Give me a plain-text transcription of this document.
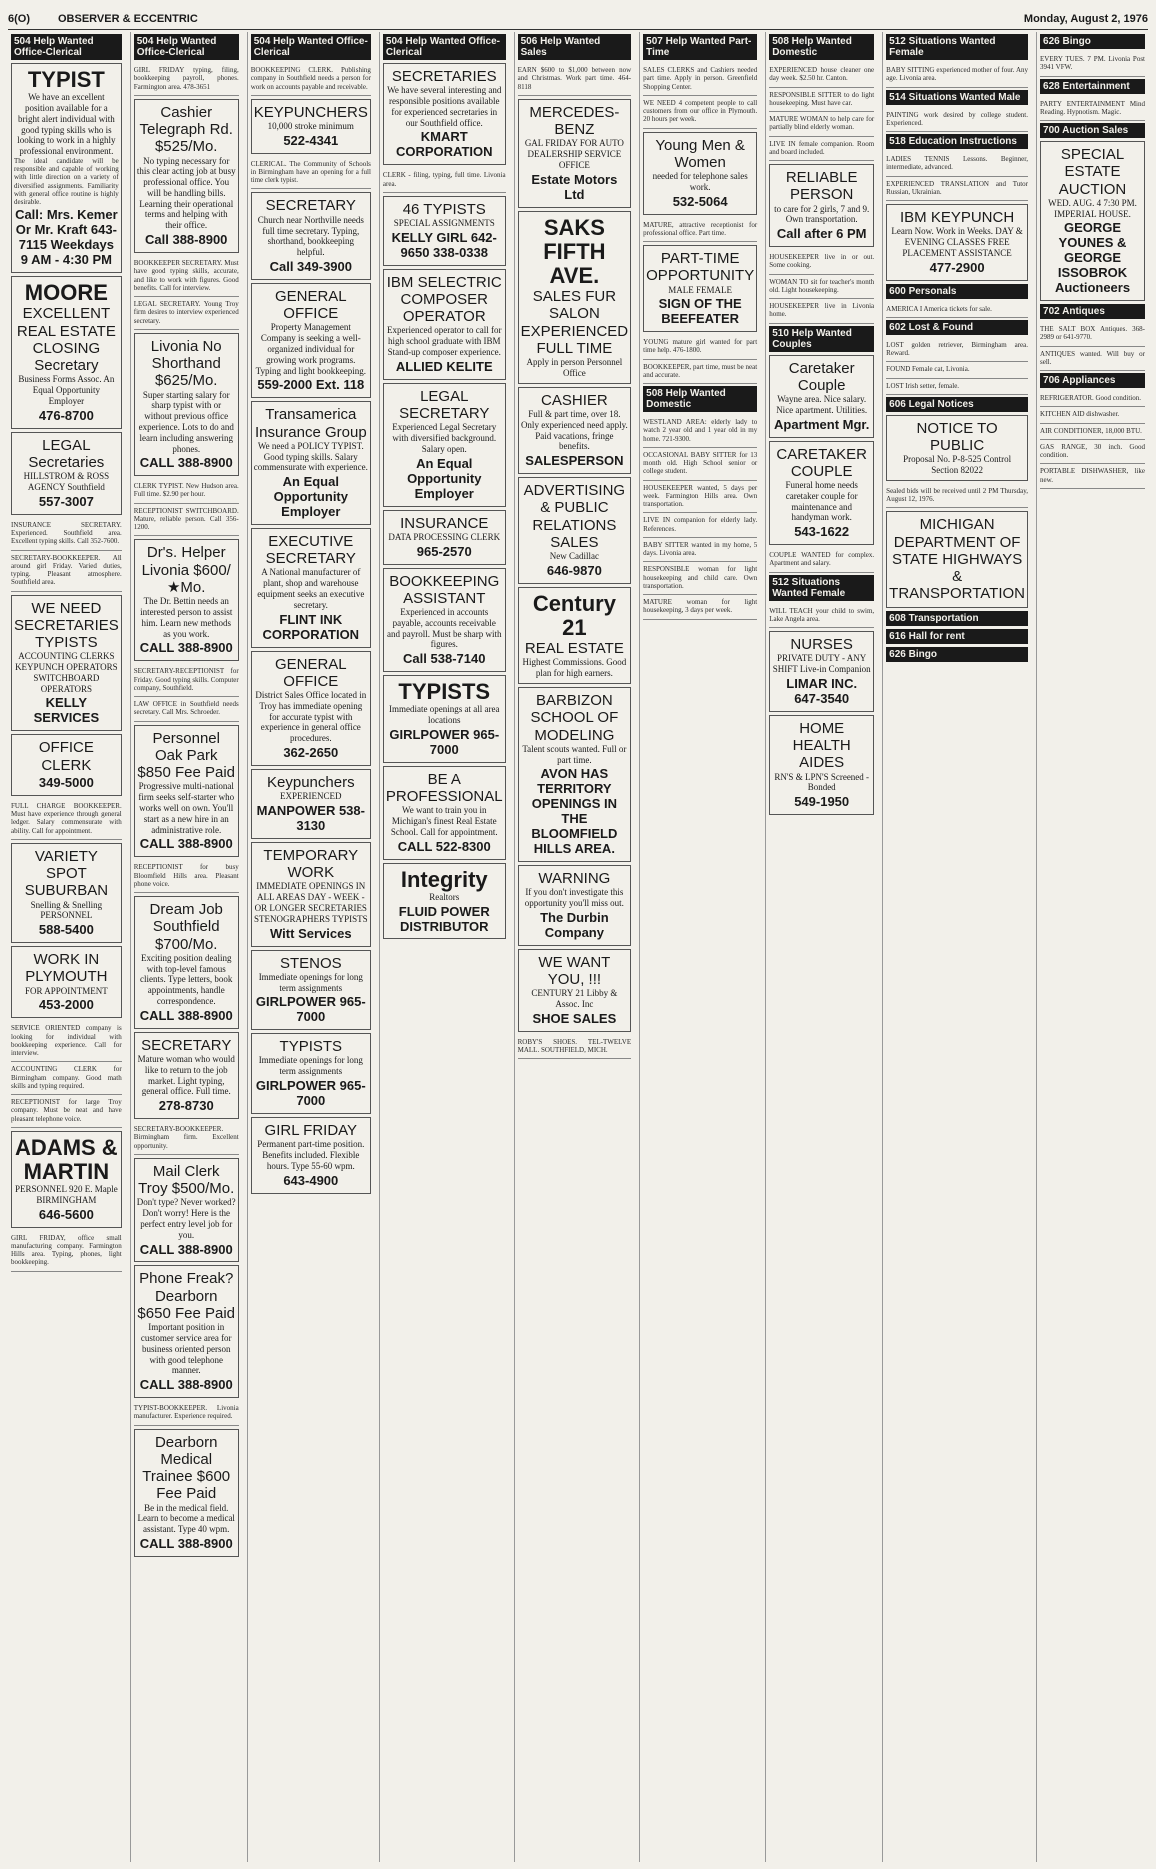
6(O)	OBSERVER & ECCENTRIC	Monday, August 2, 1976
504 Help Wanted Office-Clerical
TYPIST
We have an excellent position available for a bright alert individual with good typing skills who is looking to work in a highly professional environment.
The ideal candidate will be responsible and capable of working with little direction on a variety of diversified assignments. Familiarity with general office routine is highly desirable.
Call: Mrs. Kemer Or Mr. Kraft 643-7115 Weekdays 9 AM - 4:30 PM
MOORE
EXCELLENT REAL ESTATE CLOSING Secretary
Business Forms Assoc. An Equal Opportunity Employer
476-8700
LEGAL Secretaries
HILLSTROM & ROSS AGENCY Southfield
557-3007
INSURANCE SECRETARY. Experienced. Southfield area. Excellent typing skills. Call 352-7600.
SECRETARY-BOOKKEEPER. All around girl Friday. Varied duties, typing. Pleasant atmosphere. Southfield area.
WE NEED SECRETARIES TYPISTS
ACCOUNTING CLERKS KEYPUNCH OPERATORS SWITCHBOARD OPERATORS
KELLY SERVICES
OFFICE CLERK
349-5000
FULL CHARGE BOOKKEEPER. Must have experience through general ledger. Salary commensurate with ability. Call for appointment.
VARIETY SPOT SUBURBAN
Snelling & Snelling PERSONNEL
588-5400
WORK IN PLYMOUTH
FOR APPOINTMENT
453-2000
SERVICE ORIENTED company is looking for individual with bookkeeping experience. Call for interview.
ACCOUNTING CLERK for Birmingham company. Good math skills and typing required.
RECEPTIONIST for large Troy company. Must be neat and have pleasant telephone voice.
ADAMS & MARTIN
PERSONNEL 920 E. Maple BIRMINGHAM
646-5600
GIRL FRIDAY, office small manufacturing company. Farmington Hills area. Typing, phones, light bookkeeping.
504 Help Wanted Office-Clerical
GIRL FRIDAY typing, filing, bookkeeping payroll, phones. Farmington area. 478-3651
Cashier Telegraph Rd. $525/Mo.
No typing necessary for this clear acting job at busy professional office. You will be handling bills. Learning their operational terms and helping with their office.
Call 388-8900
BOOKKEEPER SECRETARY. Must have good typing skills, accurate, and like to work with figures. Good benefits. Call for interview.
LEGAL SECRETARY. Young Troy firm desires to interview experienced secretary.
Livonia No Shorthand $625/Mo.
Super starting salary for sharp typist with or without previous office experience. Lots to do and learn including answering phones.
CALL 388-8900
CLERK TYPIST. New Hudson area. Full time. $2.90 per hour.
RECEPTIONIST SWITCHBOARD. Mature, reliable person. Call 356-1200.
Dr's. Helper Livonia $600/★Mo.
The Dr. Bettin needs an interested person to assist him. Learn new methods as you work.
CALL 388-8900
SECRETARY-RECEPTIONIST for Friday. Good typing skills. Computer company, Southfield.
LAW OFFICE in Southfield needs secretary. Call Mrs. Schroeder.
Personnel Oak Park $850 Fee Paid
Progressive multi-national firm seeks self-starter who works well on own. You'll start as a new hire in an administrative role.
CALL 388-8900
RECEPTIONIST for busy Bloomfield Hills area. Pleasant phone voice.
Dream Job Southfield $700/Mo.
Exciting position dealing with top-level famous clients. Type letters, book appointments, handle correspondence.
CALL 388-8900
SECRETARY
Mature woman who would like to return to the job market. Light typing, general office. Full time.
278-8730
SECRETARY-BOOKKEEPER. Birmingham firm. Excellent opportunity.
Mail Clerk Troy $500/Mo.
Don't type? Never worked? Don't worry! Here is the perfect entry level job for you.
CALL 388-8900
Phone Freak? Dearborn $650 Fee Paid
Important position in customer service area for business oriented person with good telephone manner.
CALL 388-8900
TYPIST-BOOKKEEPER. Livonia manufacturer. Experience required.
Dearborn Medical Trainee $600 Fee Paid
Be in the medical field. Learn to become a medical assistant. Type 40 wpm.
CALL 388-8900
504 Help Wanted Office-Clerical
BOOKKEEPING CLERK. Publishing company in Southfield needs a person for work on accounts payable and receivable.
KEYPUNCHERS
10,000 stroke minimum
522-4341
CLERICAL. The Community of Schools in Birmingham have an opening for a full time clerk typist.
SECRETARY
Church near Northville needs full time secretary. Typing, shorthand, bookkeeping helpful.
Call 349-3900
GENERAL OFFICE
Property Management Company is seeking a well-organized individual for growing work programs. Typing and light bookkeeping.
559-2000 Ext. 118
Transamerica Insurance Group
We need a POLICY TYPIST. Good typing skills. Salary commensurate with experience.
An Equal Opportunity Employer
EXECUTIVE SECRETARY
A National manufacturer of plant, shop and warehouse equipment seeks an executive secretary.
FLINT INK CORPORATION
GENERAL OFFICE
District Sales Office located in Troy has immediate opening for accurate typist with experience in general office procedures.
362-2650
Keypunchers
EXPERIENCED
MANPOWER 538-3130
TEMPORARY WORK
IMMEDIATE OPENINGS IN ALL AREAS DAY - WEEK - OR LONGER SECRETARIES STENOGRAPHERS TYPISTS
Witt Services
STENOS
Immediate openings for long term assignments
GIRLPOWER 965-7000
TYPISTS
Immediate openings for long term assignments
GIRLPOWER 965-7000
GIRL FRIDAY
Permanent part-time position. Benefits included. Flexible hours. Type 55-60 wpm.
643-4900
504 Help Wanted Office-Clerical
SECRETARIES
We have several interesting and responsible positions available for experienced secretaries in our Southfield office.
KMART CORPORATION
CLERK - filing, typing, full time. Livonia area.
46 TYPISTS
SPECIAL ASSIGNMENTS
KELLY GIRL 642-9650 338-0338
IBM SELECTRIC COMPOSER OPERATOR
Experienced operator to call for high school graduate with IBM Stand-up composer experience.
ALLIED KELITE
LEGAL SECRETARY
Experienced Legal Secretary with diversified background. Salary open.
An Equal Opportunity Employer
INSURANCE
DATA PROCESSING CLERK
965-2570
BOOKKEEPING ASSISTANT
Experienced in accounts payable, accounts receivable and payroll. Must be sharp with figures.
Call 538-7140
TYPISTS
Immediate openings at all area locations
GIRLPOWER 965-7000
BE A PROFESSIONAL
We want to train you in Michigan's finest Real Estate School. Call for appointment.
CALL 522-8300
Integrity
Realtors
FLUID POWER DISTRIBUTOR
506 Help Wanted Sales
EARN $600 to $1,000 between now and Christmas. Work part time. 464-8118
MERCEDES-BENZ
GAL FRIDAY FOR AUTO DEALERSHIP SERVICE OFFICE
Estate Motors Ltd
SAKS FIFTH AVE.
SALES FUR SALON EXPERIENCED FULL TIME
Apply in person Personnel Office
CASHIER
Full & part time, over 18. Only experienced need apply. Paid vacations, fringe benefits.
SALESPERSON
ADVERTISING & PUBLIC RELATIONS SALES
New Cadillac
646-9870
Century 21
REAL ESTATE
Highest Commissions. Good plan for high earners.
BARBIZON SCHOOL OF MODELING
Talent scouts wanted. Full or part time.
AVON HAS TERRITORY OPENINGS IN THE BLOOMFIELD HILLS AREA.
WARNING
If you don't investigate this opportunity you'll miss out.
The Durbin Company
WE WANT YOU, !!!
CENTURY 21 Libby & Assoc. Inc
SHOE SALES
ROBY'S SHOES. TEL-TWELVE MALL. SOUTHFIELD, MICH.
507 Help Wanted Part-Time
SALES CLERKS and Cashiers needed part time. Apply in person. Greenfield Shopping Center.
WE NEED 4 competent people to call customers from our office in Plymouth. 20 hours per week.
Young Men & Women
needed for telephone sales work.
532-5064
MATURE, attractive receptionist for professional office. Part time.
PART-TIME OPPORTUNITY
MALE FEMALE
SIGN OF THE BEEFEATER
YOUNG mature girl wanted for part time help. 476-1800.
BOOKKEEPER, part time, must be neat and accurate.
508 Help Wanted Domestic
WESTLAND AREA: elderly lady to watch 2 year old and 1 year old in my home. 721-9300.
OCCASIONAL BABY SITTER for 13 month old. High School senior or college student.
HOUSEKEEPER wanted, 5 days per week. Farmington Hills area. Own transportation.
LIVE IN companion for elderly lady. References.
BABY SITTER wanted in my home, 5 days. Livonia area.
RESPONSIBLE woman for light housekeeping and child care. Own transportation.
MATURE woman for light housekeeping, 3 days per week.
508 Help Wanted Domestic
EXPERIENCED house cleaner one day week. $2.50 hr. Canton.
RESPONSIBLE SITTER to do light housekeeping. Must have car.
MATURE WOMAN to help care for partially blind elderly woman.
LIVE IN female companion. Room and board included.
RELIABLE PERSON
to care for 2 girls, 7 and 9. Own transportation.
Call after 6 PM
HOUSEKEEPER live in or out. Some cooking.
WOMAN TO sit for teacher's month old. Light housekeeping.
HOUSEKEEPER live in Livonia home.
510 Help Wanted Couples
Caretaker Couple
Wayne area. Nice salary. Nice apartment. Utilities.
Apartment Mgr.
CARETAKER COUPLE
Funeral home needs caretaker couple for maintenance and handyman work.
543-1622
COUPLE WANTED for complex. Apartment and salary.
512 Situations Wanted Female
WILL TEACH your child to swim, Lake Angela area.
NURSES
PRIVATE DUTY - ANY SHIFT Live-in Companion
LIMAR INC. 647-3540
HOME HEALTH AIDES
RN'S & LPN'S Screened - Bonded
549-1950
512 Situations Wanted Female
BABY SITTING experienced mother of four. Any age. Livonia area.
514 Situations Wanted Male
PAINTING work desired by college student. Experienced.
518 Education Instructions
LADIES TENNIS Lessons. Beginner, intermediate, advanced.
EXPERIENCED TRANSLATION and Tutor Russian, Ukrainian.
IBM KEYPUNCH
Learn Now. Work in Weeks. DAY & EVENING CLASSES FREE PLACEMENT ASSISTANCE
477-2900
600 Personals
AMERICA I America tickets for sale.
602 Lost & Found
LOST golden retriever, Birmingham area. Reward.
FOUND Female cat, Livonia.
LOST Irish setter, female.
606 Legal Notices
NOTICE TO PUBLIC
Proposal No. P-8-525 Control Section 82022
Sealed bids will be received until 2 PM Thursday, August 12, 1976.
MICHIGAN DEPARTMENT OF STATE HIGHWAYS & TRANSPORTATION
608 Transportation
616 Hall for rent
626 Bingo
626 Bingo
EVERY TUES. 7 PM. Livonia Post 3941 VFW.
628 Entertainment
PARTY ENTERTAINMENT Mind Reading. Hypnotism. Magic.
700 Auction Sales
SPECIAL ESTATE AUCTION
WED. AUG. 4 7:30 PM. IMPERIAL HOUSE.
GEORGE YOUNES & GEORGE ISSOBROK Auctioneers
702 Antiques
THE SALT BOX Antiques. 368-2989 or 641-9770.
ANTIQUES wanted. Will buy or sell.
706 Appliances
REFRIGERATOR. Good condition.
KITCHEN AID dishwasher.
AIR CONDITIONER, 18,000 BTU.
GAS RANGE, 30 inch. Good condition.
PORTABLE DISHWASHER, like new.
